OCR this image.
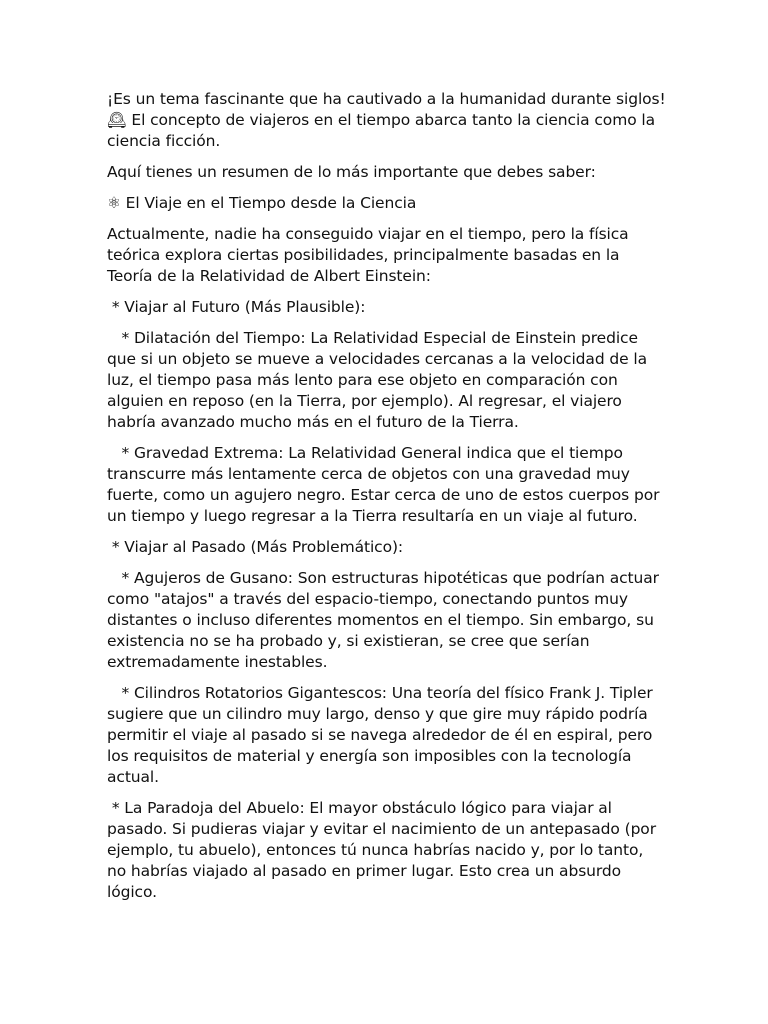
¡Es un tema fascinante que ha cautivado a la humanidad durante siglos! 🕰 El concepto de viajeros en el tiempo abarca tanto la ciencia como la ciencia ficción.

Aquí tienes un resumen de lo más importante que debes saber:

⚛ El Viaje en el Tiempo desde la Ciencia

Actualmente, nadie ha conseguido viajar en el tiempo, pero la física teórica explora ciertas posibilidades, principalmente basadas en la Teoría de la Relatividad de Albert Einstein:

* Viajar al Futuro (Más Plausible):

* Dilatación del Tiempo: La Relatividad Especial de Einstein predice que si un objeto se mueve a velocidades cercanas a la velocidad de la luz, el tiempo pasa más lento para ese objeto en comparación con alguien en reposo (en la Tierra, por ejemplo). Al regresar, el viajero habría avanzado mucho más en el futuro de la Tierra.

* Gravedad Extrema: La Relatividad General indica que el tiempo transcurre más lentamente cerca de objetos con una gravedad muy fuerte, como un agujero negro. Estar cerca de uno de estos cuerpos por un tiempo y luego regresar a la Tierra resultaría en un viaje al futuro.

* Viajar al Pasado (Más Problemático):

* Agujeros de Gusano: Son estructuras hipotéticas que podrían actuar como "atajos" a través del espacio-tiempo, conectando puntos muy distantes o incluso diferentes momentos en el tiempo. Sin embargo, su existencia no se ha probado y, si existieran, se cree que serían extremadamente inestables.

* Cilindros Rotatorios Gigantescos: Una teoría del físico Frank J. Tipler sugiere que un cilindro muy largo, denso y que gire muy rápido podría permitir el viaje al pasado si se navega alrededor de él en espiral, pero los requisitos de material y energía son imposibles con la tecnología actual.

* La Paradoja del Abuelo: El mayor obstáculo lógico para viajar al pasado. Si pudieras viajar y evitar el nacimiento de un antepasado (por ejemplo, tu abuelo), entonces tú nunca habrías nacido y, por lo tanto, no habrías viajado al pasado en primer lugar. Esto crea un absurdo lógico.
